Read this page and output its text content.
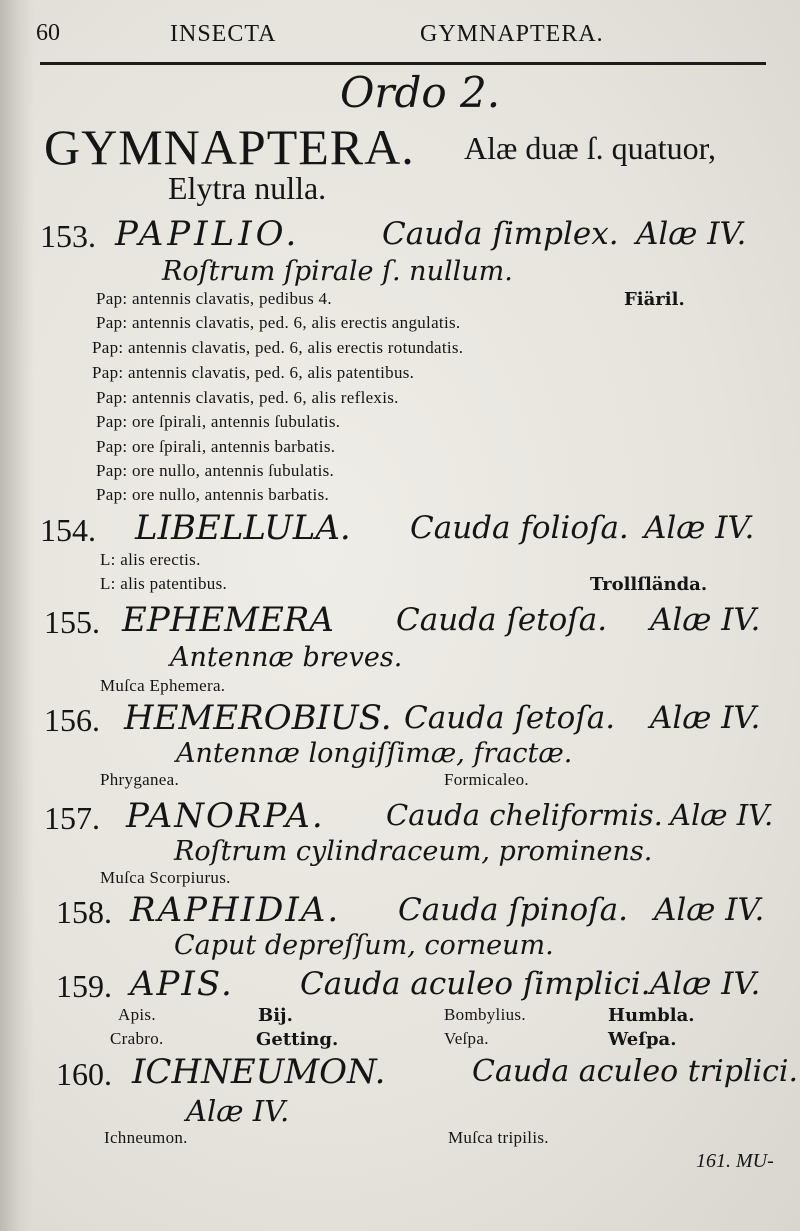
60	INSECTA	GYMNAPTERA.
Ordo 2.
GYMNAPTERA. Alæ duæ ſ. quatuor,
Elytra nulla.
153. PAPILIO.	Cauda ſimplex. Alæ IV.
Roſtrum ſpirale ſ. nullum.
Pap: antennis clavatis, pedibus 4.	Fiäril.
Pap: antennis clavatis, ped. 6, alis erectis angulatis.
Pap: antennis clavatis, ped. 6, alis erectis rotundatis.
Pap: antennis clavatis, ped. 6, alis patentibus.
Pap: antennis clavatis, ped. 6, alis reflexis.
Pap: ore ſpirali, antennis ſubulatis.
Pap: ore ſpirali, antennis barbatis.
Pap: ore nullo, antennis ſubulatis.
Pap: ore nullo, antennis barbatis.
154. LIBELLULA. Cauda folioſa. Alæ IV.
L: alis erectis.
L: alis patentibus.	Trollſlända.
155. EPHEMERA Cauda ſetoſa. Alæ IV.
Antennæ breves.
Muſca Ephemera.
156. HEMEROBIUS. Cauda ſetoſa. Alæ IV.
Antennæ longiſſimæ, fractæ.
Phryganea.	Formicaleo.
157. PANORPA. Cauda cheliformis. Alæ IV.
Roſtrum cylindraceum, prominens.
Muſca Scorpiurus.
158. RAPHIDIA. Cauda ſpinoſa. Alæ IV.
Caput depreſſum, corneum.
159. APIS. Cauda aculeo ſimplici. Alæ IV.
Apis.	Bij.	Bombylius.	Humbla.
Crabro.	Getting.	Veſpa.	Weſpa.
160. ICHNEUMON.	Cauda aculeo triplici.
Alæ IV.
Ichneumon.	Muſca tripilis.
161. MU-
